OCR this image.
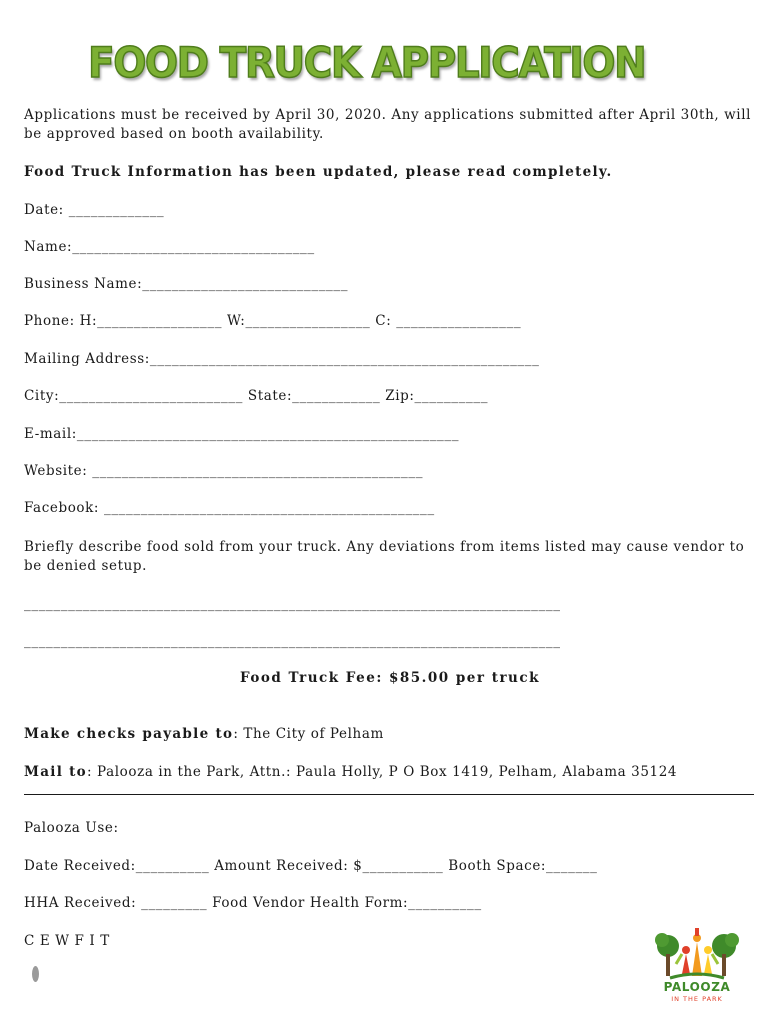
FOOD TRUCK APPLICATION
Applications must be received by April 30, 2020. Any applications submitted after April 30th, will be approved based on booth availability.
Food Truck Information has been updated, please read completely.
Date: _____________
Name:_________________________________
Business Name:____________________________
Phone: H:_________________ W:_________________ C: _________________
Mailing Address:_____________________________________________________
City:_________________________ State:____________ Zip:__________
E-mail:____________________________________________________
Website: _____________________________________________
Facebook: _____________________________________________
Briefly describe food sold from your truck. Any deviations from items listed may cause vendor to be denied setup.
_________________________________________________________________________
_________________________________________________________________________
Food Truck Fee: $85.00 per truck
Make checks payable to: The City of Pelham
Mail to: Palooza in the Park, Attn.: Paula Holly, P O Box 1419, Pelham, Alabama 35124
Palooza Use:
Date Received:__________ Amount Received: $___________ Booth Space:_______
HHA Received: _________ Food Vendor Health Form:__________
C E W F I T
PALOOZA
IN THE PARK
